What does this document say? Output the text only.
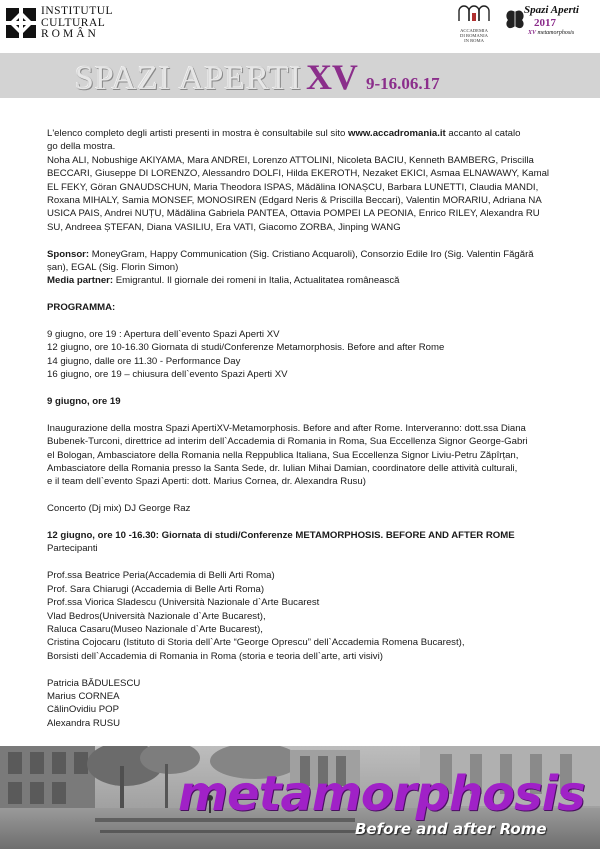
INSTITUTUL
CULTURAL
ROMÂN	ACCADEMIA
DI ROMANIA
IN ROMA
Spazi Aperti
2017
XV metamorphosis
SPAZI APERTI XV 9-16.06.17

L'elenco completo degli artisti presenti in mostra è consultabile sul sito www.accadromania.it accanto al catalo

go della mostra.

Noha ALI, Nobushige AKIYAMA, Mara ANDREI, Lorenzo ATTOLINI, Nicoleta BACIU, Kenneth BAMBERG, Priscilla

BECCARI, Giuseppe DI LORENZO, Alessandro DOLFI, Hilda EKEROTH, Nezaket EKICI, Asmaa ELNAWAWY, Kamal

EL FEKY, Göran GNAUDSCHUN, Maria Theodora ISPAS, Mădălina IONAȘCU, Barbara LUNETTI, Claudia MANDI,

Roxana MIHALY, Samia MONSEF, MONOSIREN (Edgard Neris & Priscilla Beccari), Valentin MORARIU, Adriana NA

USICA PAIS, Andrei NUȚU, Mădălina Gabriela PANTEA, Ottavia POMPEI LA PEONIA, Enrico RILEY, Alexandra RU

SU, Andreea ȘTEFAN, Diana VASILIU, Era VATI, Giacomo ZORBA, Jinping WANG

Sponsor: MoneyGram, Happy Communication (Sig. Cristiano Acquaroli), Consorzio Edile Iro (Sig. Valentin Făgără

șan), EGAL (Sig. Florin Simon)

Media partner: Emigrantul. Il giornale dei romeni in Italia, Actualitatea românească

PROGRAMMA:

9 giugno, ore 19 : Apertura dell`evento Spazi Aperti XV

12 giugno, ore 10-16.30 Giornata di studi/Conferenze Metamorphosis. Before and after Rome

14 giugno, dalle ore 11.30 - Performance Day

16 giugno, ore 19 – chiusura dell`evento Spazi Aperti XV

9 giugno, ore 19

Inaugurazione della mostra Spazi ApertiXV-Metamorphosis. Before and after Rome. Interveranno: dott.ssa Diana

Bubenek-Turconi, direttrice ad interim dell`Accademia di Romania in Roma, Sua Eccellenza Signor George-Gabri

el Bologan, Ambasciatore della Romania nella Reppublica Italiana, Sua Eccellenza Signor Liviu-Petru Zăpîrțan,

Ambasciatore della Romania presso la Santa Sede, dr. Iulian Mihai Damian, coordinatore delle attività culturali,

e il team dell`evento Spazi Aperti: dott. Marius Cornea, dr. Alexandra Rusu)

Concerto (Dj mix) DJ George Raz

12 giugno, ore 10 -16.30: Giornata di studi/Conferenze METAMORPHOSIS. BEFORE AND AFTER ROME

Partecipanti

Prof.ssa Beatrice Peria(Accademia di Belli Arti Roma)

Prof. Sara Chiarugi (Accademia di Belle Arti Roma)

Prof.ssa Viorica Sladescu (Università Nazionale d`Arte Bucarest

Vlad Bedros(Università Nazionale d`Arte Bucarest),

Raluca Casaru(Museo Nazionale d`Arte Bucarest),

Cristina Cojocaru (Istituto di Storia dell`Arte “George Oprescu” dell`Accademia Romena Bucarest),

Borsisti dell`Accademia di Romania in Roma (storia e teoria dell`arte, arti visivi)

Patricia BĂDULESCU

Marius CORNEA

CălinOvidiu POP

Alexandra RUSU

metamorphosis
Before and after Rome
